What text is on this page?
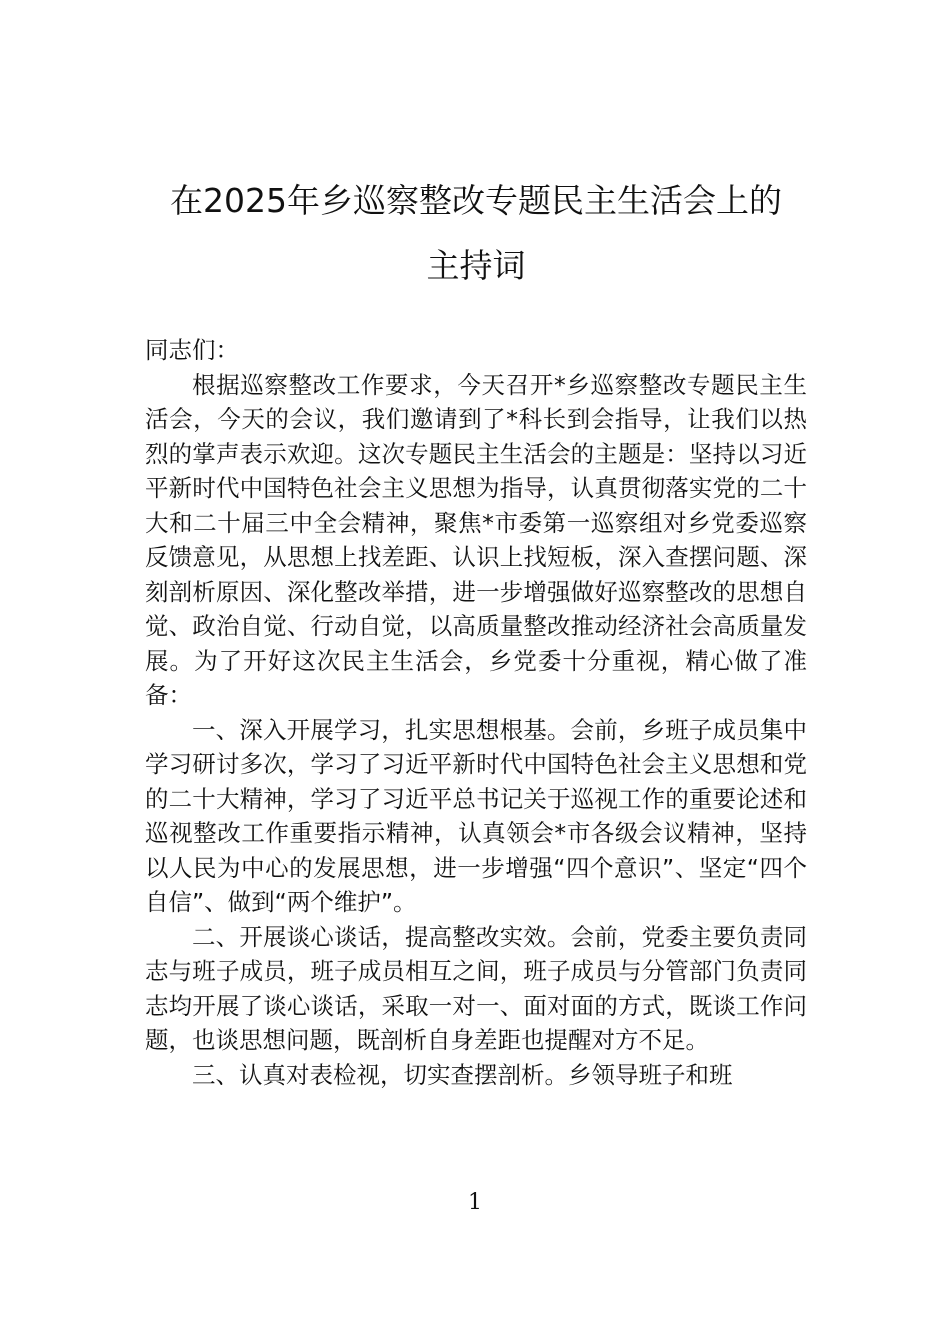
在2025年乡巡察整改专题民主生活会上的
主持词

同志们：

根据巡察整改工作要求，今天召开*乡巡察整改专题民主生活会，今天的会议，我们邀请到了*科长到会指导，让我们以热烈的掌声表示欢迎。这次专题民主生活会的主题是：坚持以习近平新时代中国特色社会主义思想为指导，认真贯彻落实党的二十大和二十届三中全会精神，聚焦*市委第一巡察组对乡党委巡察反馈意见，从思想上找差距、认识上找短板，深入查摆问题、深刻剖析原因、深化整改举措，进一步增强做好巡察整改的思想自觉、政治自觉、行动自觉，以高质量整改推动经济社会高质量发展。为了开好这次民主生活会，乡党委十分重视，精心做了准备：

一、深入开展学习，扎实思想根基。会前，乡班子成员集中学习研讨多次，学习了习近平新时代中国特色社会主义思想和党的二十大精神，学习了习近平总书记关于巡视工作的重要论述和巡视整改工作重要指示精神，认真领会*市各级会议精神，坚持以人民为中心的发展思想，进一步增强“四个意识”、坚定“四个自信”、做到“两个维护”。

二、开展谈心谈话，提高整改实效。会前，党委主要负责同志与班子成员，班子成员相互之间，班子成员与分管部门负责同志均开展了谈心谈话，采取一对一、面对面的方式，既谈工作问题，也谈思想问题，既剖析自身差距也提醒对方不足。

三、认真对表检视，切实查摆剖析。乡领导班子和班

1
